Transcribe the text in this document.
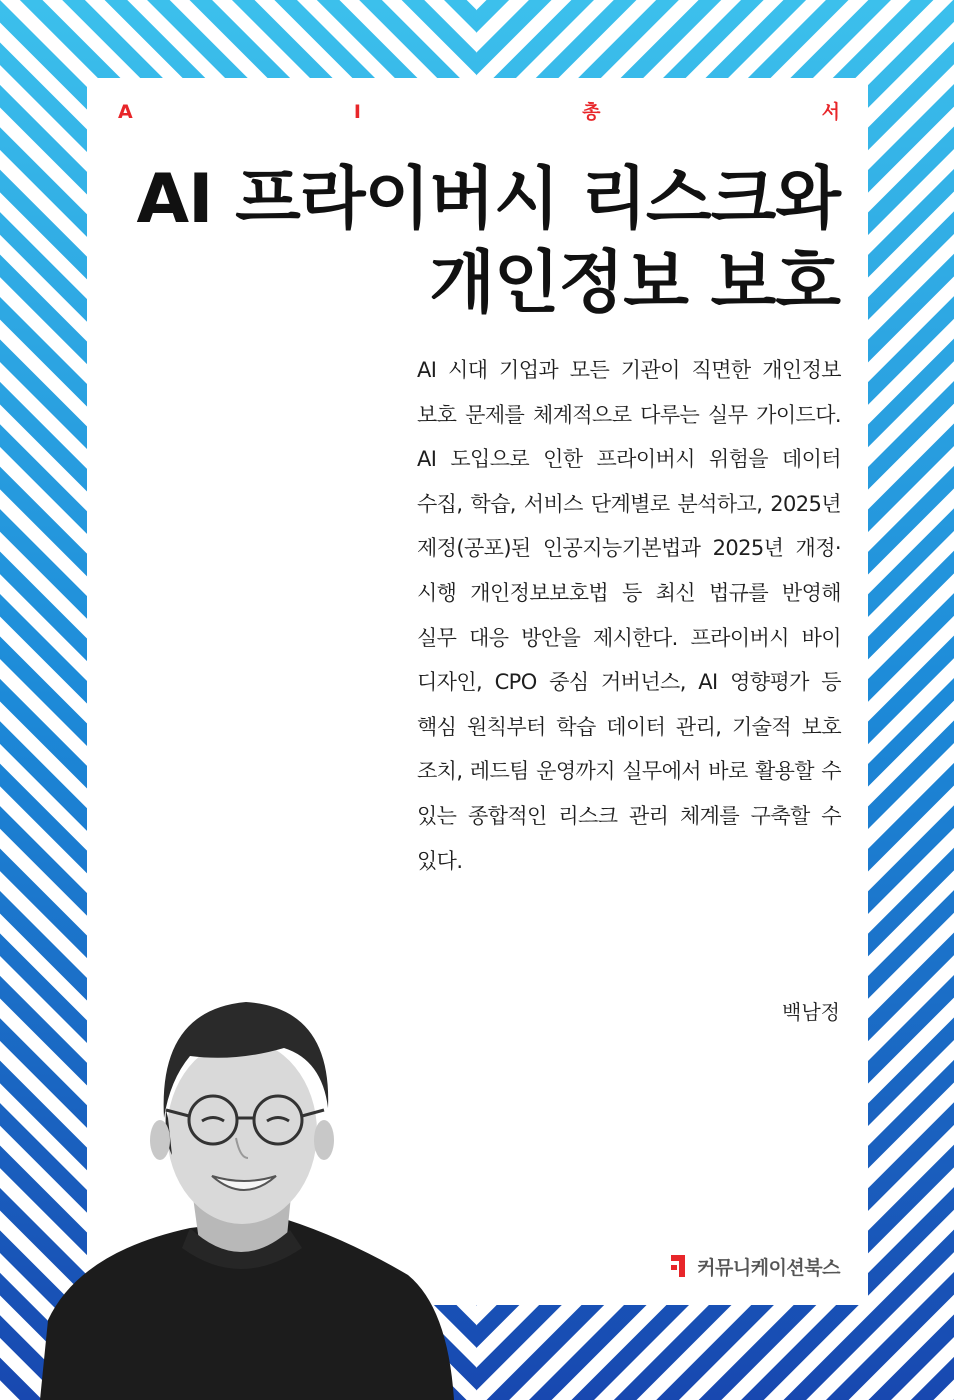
A	I	총	서
AI 프라이버시 리스크와
개인정보 보호

AI 시대 기업과 모든 기관이 직면한 개인정보 보호 문제를 체계적으로 다루는 실무 가이드다. AI 도입으로 인한 프라이버시 위험을 데이터 수집, 학습, 서비스 단계별로 분석하고, 2025년 제정(공포)된 인공지능기본법과 2025년 개정·시행 개인정보보호법 등 최신 법규를 반영해 실무 대응 방안을 제시한다. 프라이버시 바이 디자인, CPO 중심 거버넌스, AI 영향평가 등 핵심 원칙부터 학습 데이터 관리, 기술적 보호 조치, 레드팀 운영까지 실무에서 바로 활용할 수 있는 종합적인 리스크 관리 체계를 구축할 수 있다.

백남정
커뮤니케이션북스
